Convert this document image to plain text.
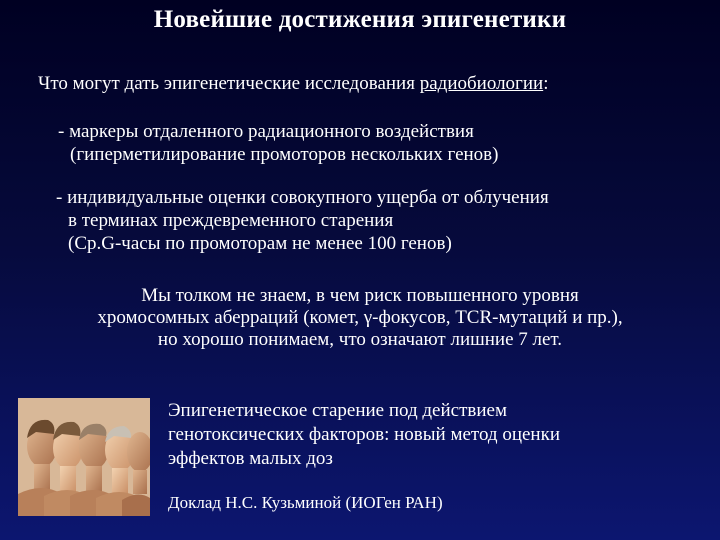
Новейшие достижения эпигенетики
Что могут дать эпигенетические исследования радиобиологии:
- маркеры отдаленного радиационного воздействия
(гиперметилирование промоторов нескольких генов)
- индивидуальные оценки совокупного ущерба от облучения
в терминах преждевременного старения
(Cp.G-часы по промоторам не менее 100 генов)
Мы толком не знаем, в чем риск повышенного уровня
хромосомных аберраций (комет, γ-фокусов, TCR-мутаций и пр.),
но хорошо понимаем, что означают лишние 7 лет.
Эпигенетическое старение под действием
генотоксических факторов: новый метод оценки
эффектов малых доз
Доклад Н.С. Кузьминой (ИОГен РАН)
